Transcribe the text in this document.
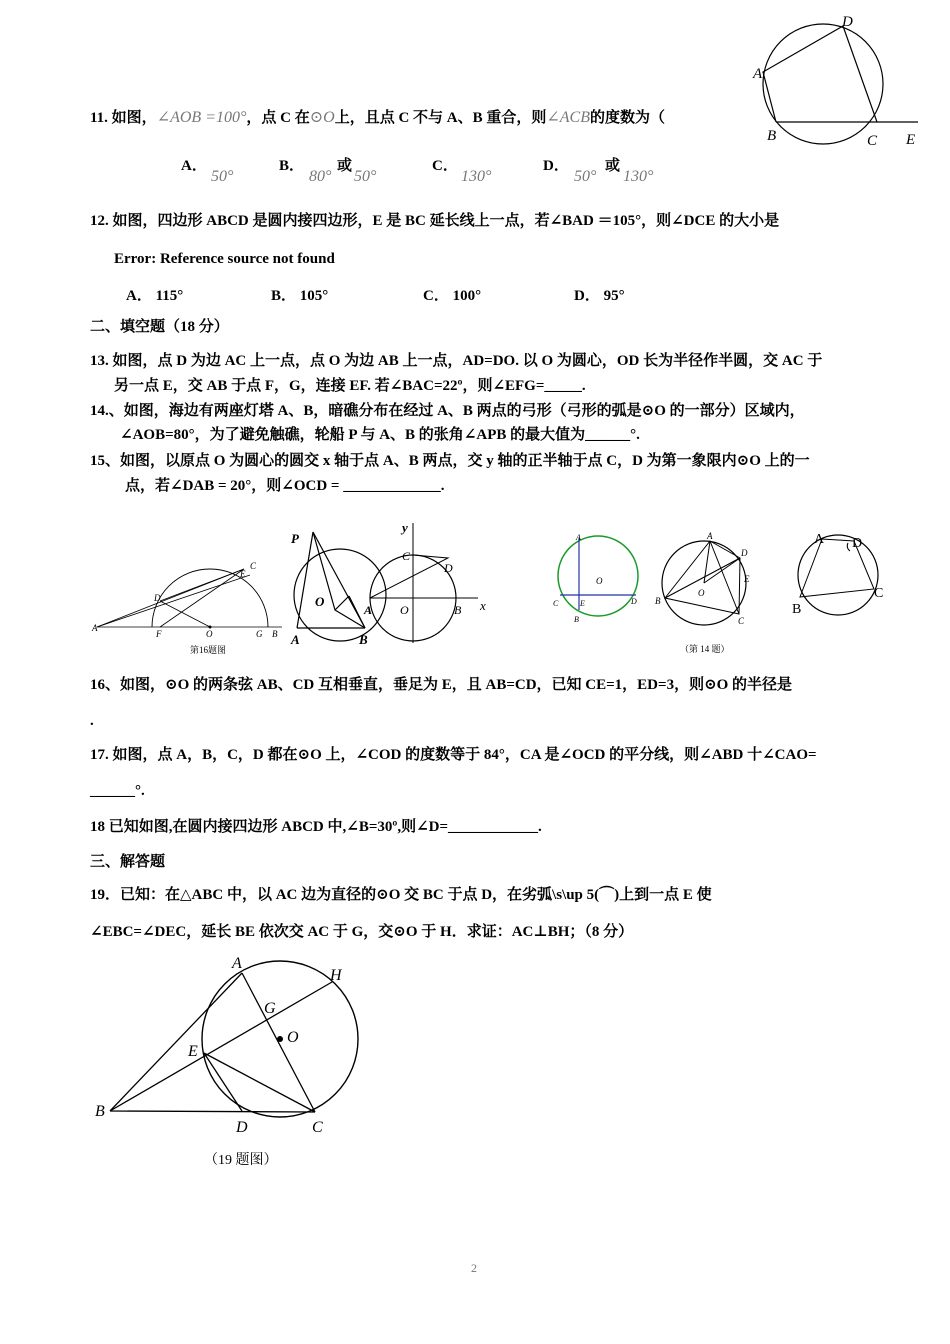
D
A
B	C E
11. 如图，∠AOB =100°，点 C 在⊙O上，且点 C 不与 A、B 重合，则∠ACB的度数为（
A．
50°
B．
80°
或
50°
C．
130°
D．
50°
或
130°
12. 如图，四边形 ABCD 是圆内接四边形，E 是 BC 延长线上一点，若∠BAD ＝105°，则∠DCE 的大小是
Error: Reference source not found
A． 115°	B． 105°	C． 100°	D． 95°
二、填空题（18 分）
13. 如图，点 D 为边 AC 上一点，点 O 为边 AB 上一点，AD=DO. 以 O 为圆心，OD 长为半径作半圆，交 AC 于
另一点 E，交 AB 于点 F，G，连接 EF. 若∠BAC=22º，则∠EFG=_____.
14.、如图，海边有两座灯塔 A、B，暗礁分布在经过 A、B 两点的弓形（弓形的弧是⊙O 的一部分）区域内，
∠AOB=80°，为了避免触礁，轮船 P 与 A、B 的张角∠APB 的最大值为______°.
15、如图，以原点 O 为圆心的圆交 x 轴于点 A、B 两点，交 y 轴的正半轴于点 C，D 为第一象限内⊙O 上的一
点，若∠DAB = 20°，则∠OCD = _____________.
A
B
C
D
E
F	O	G
第16题图
P
O
A	B
y
C
D
A O	B x
A
O
C	E	D
B
A
D
B
O
C
E
（第 14 题）
A D
B
C
16、如图，⊙O 的两条弦 AB、CD 互相垂直，垂足为 E，且 AB=CD，已知 CE=1，ED=3，则⊙O 的半径是
.
17. 如图，点 A，B，C，D 都在⊙O 上，∠COD 的度数等于 84°，CA 是∠OCD 的平分线，则∠ABD 十∠CAO=
______°.
18 已知如图,在圆内接四边形 ABCD 中,∠B=30º,则∠D=____________.
三、解答题
19．已知：在△ABC 中，以 AC 边为直径的⊙O 交 BC 于点 D，在劣弧\s\up 5(⌒)上到一点 E 使
∠EBC=∠DEC，延长 BE 依次交 AC 于 G，交⊙O 于 H．求证：AC⊥BH；（8 分）
A
H
G
O
E
B
D	C
（19 题图）
2
